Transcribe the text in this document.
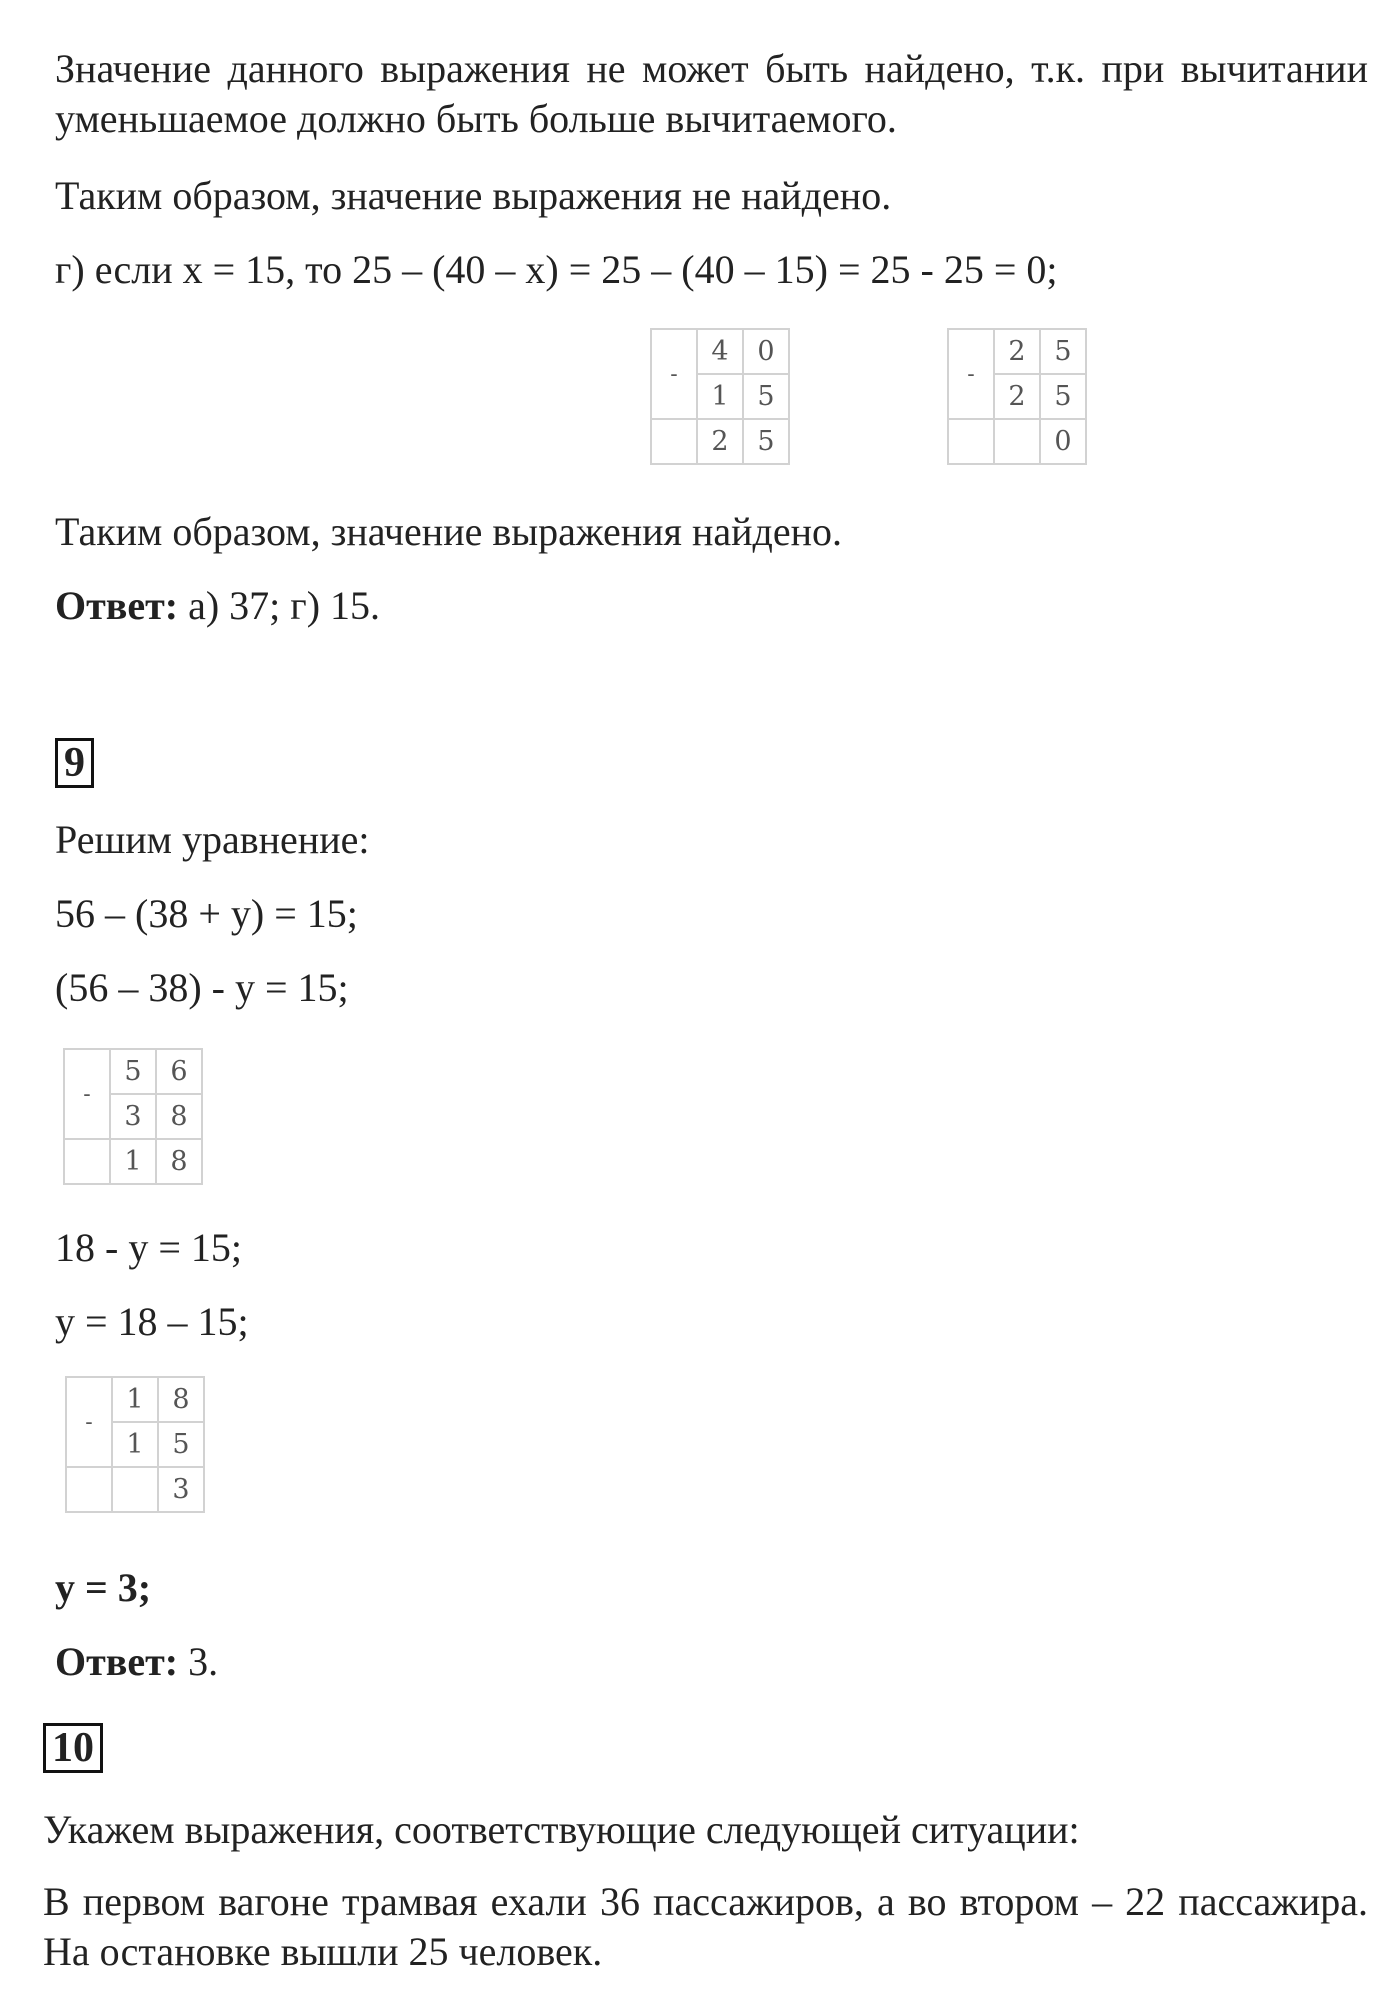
Значение данного выражения не может быть найдено, т.к. при вычитании уменьшаемое должно быть больше вычитаемого.
Таким образом, значение выражения не найдено.
г) если x = 15, то 25 – (40 – x) = 25 – (40 – 15) = 25 - 25 = 0;
-	4	0
	1	5
	2	5
-	2	5
	2	5
		0
Таким образом, значение выражения найдено.
Ответ: а) 37; г) 15.
9
Решим уравнение:
56 – (38 + y) = 15;
(56 – 38) - y = 15;
-	5	6
	3	8
	1	8
18 - y = 15;
y = 18 – 15;
-	1	8
	1	5
		3
y = 3;
Ответ: 3.
10
Укажем выражения, соответствующие следующей ситуации:
В первом вагоне трамвая ехали 36 пассажиров, а во втором – 22 пассажира. На остановке вышли 25 человек.
